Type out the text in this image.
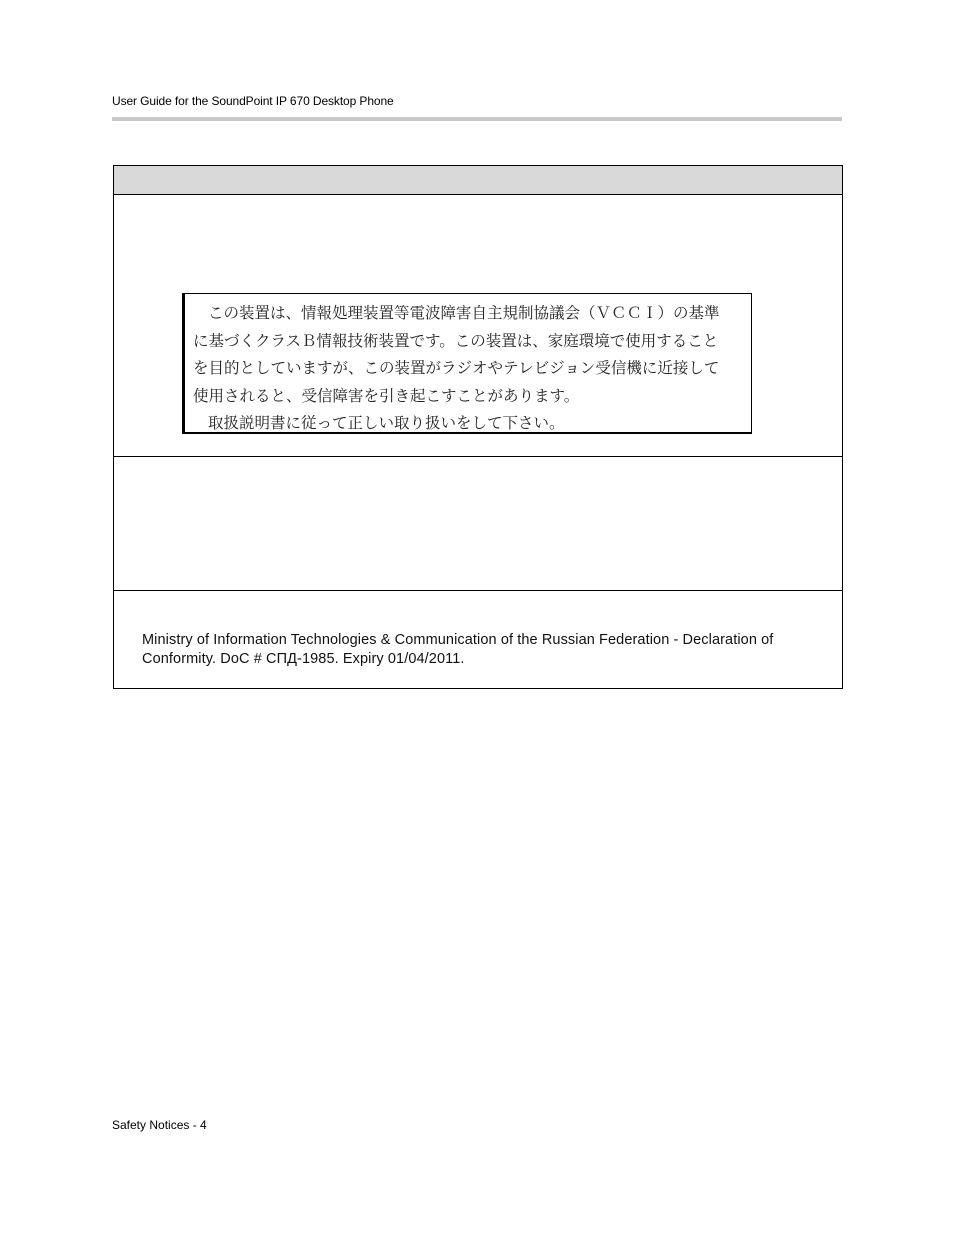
User Guide for the SoundPoint IP 670 Desktop Phone
この装置は、情報処理装置等電波障害自主規制協議会（ＶＣＣＩ）の基準
に基づくクラスＢ情報技術装置です。この装置は、家庭環境で使用すること
を目的としていますが、この装置がラジオやテレビジョン受信機に近接して
使用されると、受信障害を引き起こすことがあります。
取扱説明書に従って正しい取り扱いをして下さい。
Ministry of Information Technologies & Communication of the Russian Federation - Declaration of Conformity. DoC # СПД-1985. Expiry 01/04/2011.
Safety Notices - 4
